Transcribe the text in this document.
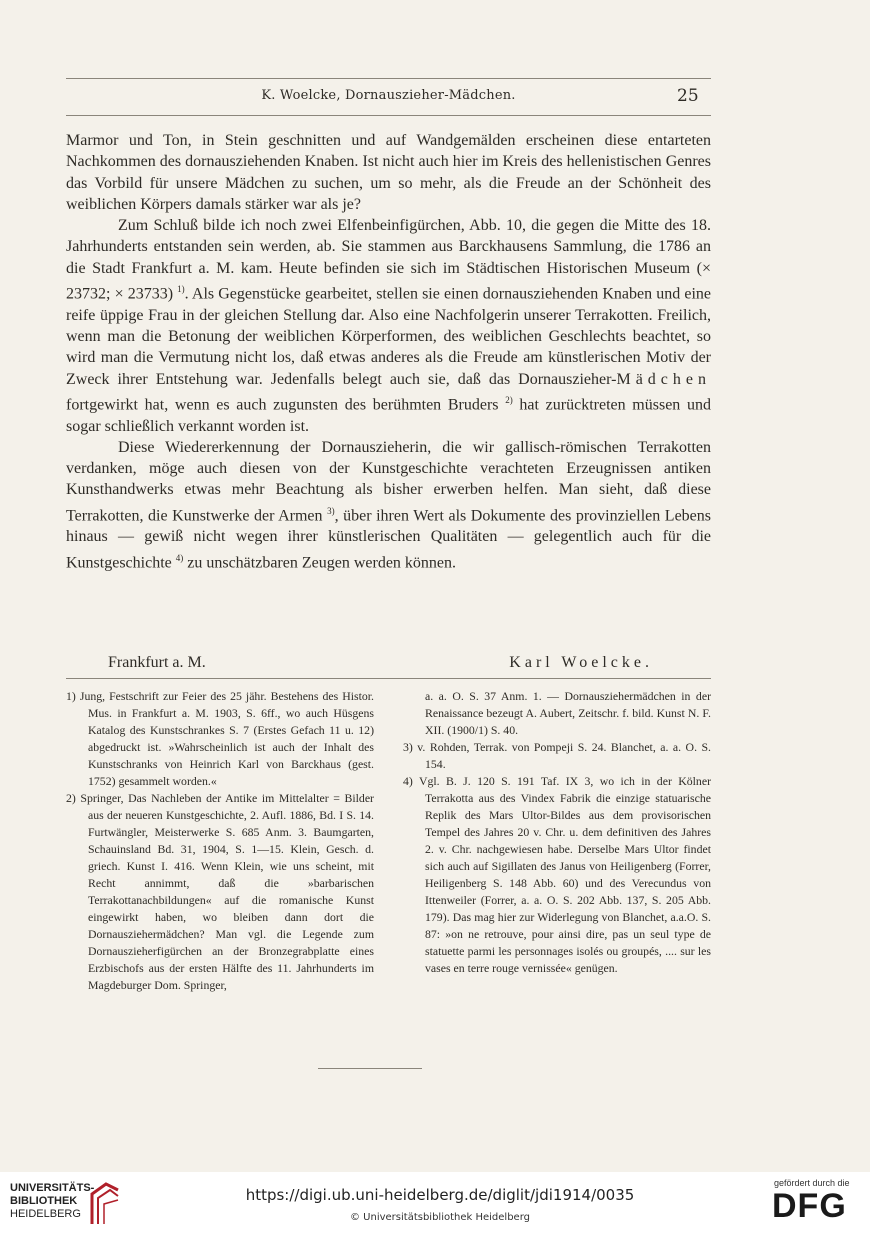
K. Woelcke, Dornauszieher-Mädchen.	25

Marmor und Ton, in Stein geschnitten und auf Wandgemälden erscheinen diese entarteten Nachkommen des dornausziehenden Knaben. Ist nicht auch hier im Kreis des hellenistischen Genres das Vorbild für unsere Mädchen zu suchen, um so mehr, als die Freude an der Schönheit des weiblichen Körpers damals stärker war als je?

Zum Schluß bilde ich noch zwei Elfenbeinfigürchen, Abb. 10, die gegen die Mitte des 18. Jahrhunderts entstanden sein werden, ab. Sie stammen aus Barckhausens Sammlung, die 1786 an die Stadt Frankfurt a. M. kam. Heute befinden sie sich im Städtischen Historischen Museum (× 23732; × 23733) $^{1)}$. Als Gegenstücke gearbeitet, stellen sie einen dornausziehenden Knaben und eine reife üppige Frau in der gleichen Stellung dar. Also eine Nachfolgerin unserer Terrakotten. Freilich, wenn man die Betonung der weiblichen Körperformen, des weiblichen Geschlechts beachtet, so wird man die Vermutung nicht los, daß etwas anderes als die Freude am künstlerischen Motiv der Zweck ihrer Entstehung war. Jedenfalls belegt auch sie, daß das Dornauszieher-Mädchen fortgewirkt hat, wenn es auch zugunsten des berühmten Bruders $^{2)}$ hat zurücktreten müssen und sogar schließlich verkannt worden ist.

Diese Wiedererkennung der Dornauszieherin, die wir gallisch-römischen Terrakotten verdanken, möge auch diesen von der Kunstgeschichte verachteten Erzeugnissen antiken Kunsthandwerks etwas mehr Beachtung als bisher erwerben helfen. Man sieht, daß diese Terrakotten, die Kunstwerke der Armen $^{3)}$, über ihren Wert als Dokumente des provinziellen Lebens hinaus — gewiß nicht wegen ihrer künstlerischen Qualitäten — gelegentlich auch für die Kunstgeschichte $^{4)}$ zu unschätzbaren Zeugen werden können.

Frankfurt a. M.	Karl Woelcke.

1) Jung, Festschrift zur Feier des 25 jähr. Bestehens des Histor. Mus. in Frankfurt a. M. 1903, S. 6ff., wo auch Hüsgens Katalog des Kunstschrankes S. 7 (Erstes Gefach 11 u. 12) abgedruckt ist. »Wahrscheinlich ist auch der Inhalt des Kunstschranks von Heinrich Karl von Barckhaus (gest. 1752) gesammelt worden.«

2) Springer, Das Nachleben der Antike im Mittelalter = Bilder aus der neueren Kunstgeschichte, 2. Aufl. 1886, Bd. I S. 14. Furtwängler, Meisterwerke S. 685 Anm. 3. Baumgarten, Schauinsland Bd. 31, 1904, S. 1—15. Klein, Gesch. d. griech. Kunst I. 416. Wenn Klein, wie uns scheint, mit Recht annimmt, daß die »barbarischen Terrakottanachbildungen« auf die romanische Kunst eingewirkt haben, wo bleiben dann dort die Dornausziehermädchen? Man vgl. die Legende zum Dornauszieherfigürchen an der Bronzegrabplatte eines Erzbischofs aus der ersten Hälfte des 11. Jahrhunderts im Magdeburger Dom. Springer,

a. a. O. S. 37 Anm. 1. — Dornausziehermädchen in der Renaissance bezeugt A. Aubert, Zeitschr. f. bild. Kunst N. F. XII. (1900/1) S. 40.

3) v. Rohden, Terrak. von Pompeji S. 24. Blanchet, a. a. O. S. 154.

4) Vgl. B. J. 120 S. 191 Taf. IX 3, wo ich in der Kölner Terrakotta aus des Vindex Fabrik die einzige statuarische Replik des Mars Ultor-Bildes aus dem provisorischen Tempel des Jahres 20 v. Chr. u. dem definitiven des Jahres 2. v. Chr. nachgewiesen habe. Derselbe Mars Ultor findet sich auch auf Sigillaten des Janus von Heiligenberg (Forrer, Heiligenberg S. 148 Abb. 60) und des Verecundus von Ittenweiler (Forrer, a. a. O. S. 202 Abb. 137, S. 205 Abb. 179). Das mag hier zur Widerlegung von Blanchet, a.a.O. S. 87: »on ne retrouve, pour ainsi dire, pas un seul type de statuette parmi les personnages isolés ou groupés, .... sur les vases en terre rouge vernissée« genügen.

UNIVERSITÄTS-
BIBLIOTHEK
HEIDELBERG
https://digi.ub.uni-heidelberg.de/diglit/jdi1914/0035
© Universitätsbibliothek Heidelberg
gefördert durch die
DFG
